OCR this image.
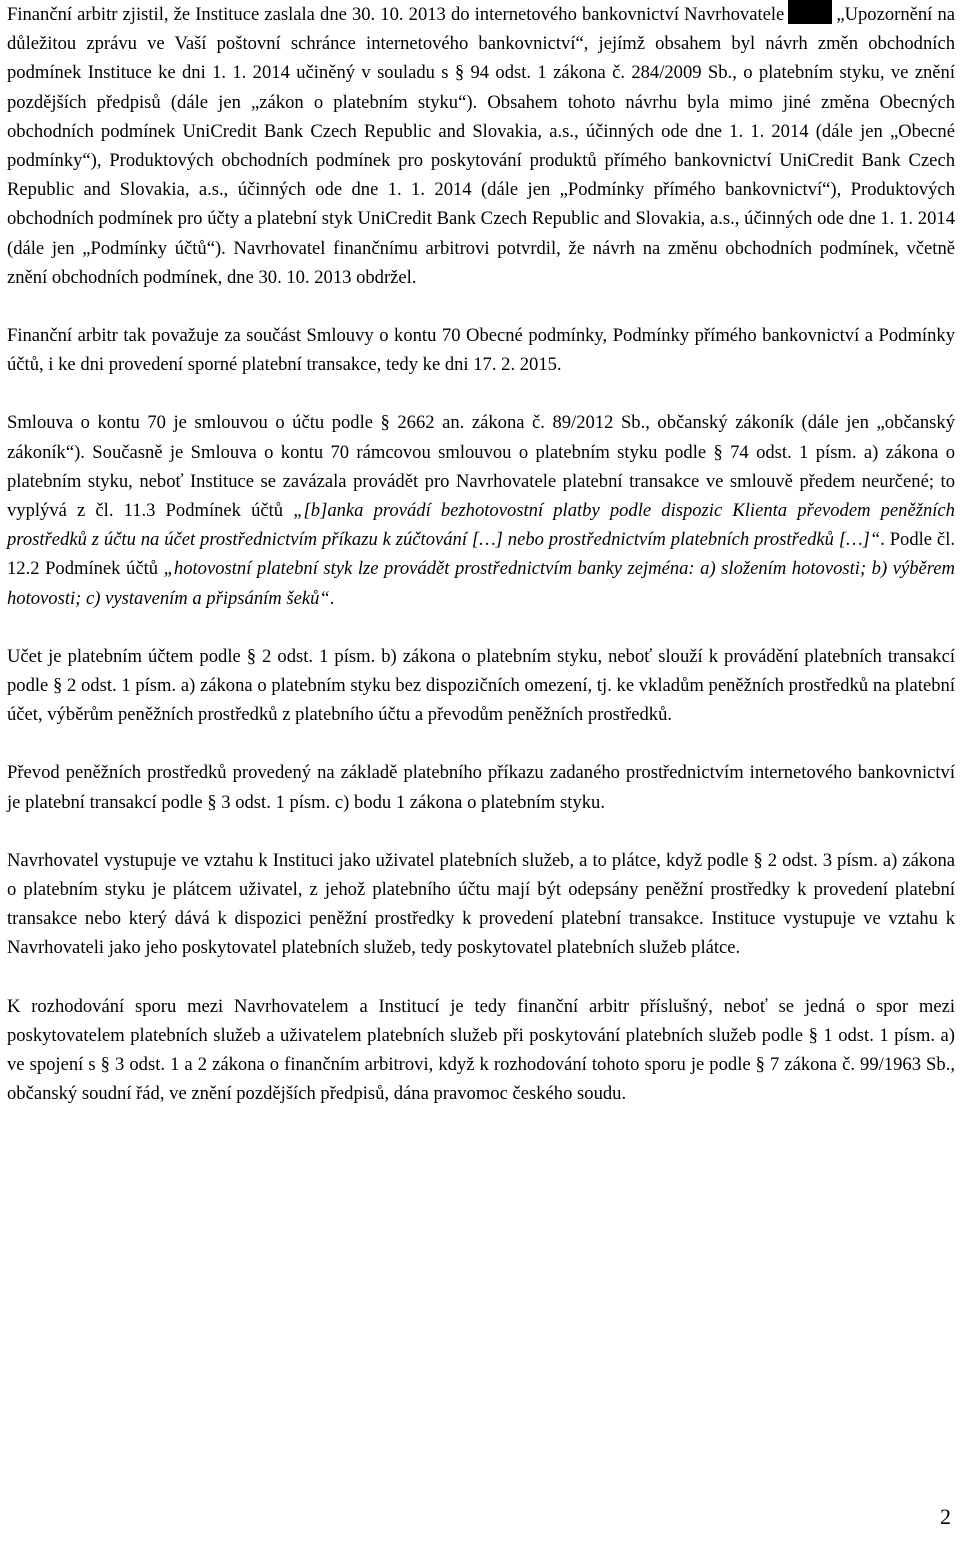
Finanční arbitr zjistil, že Instituce zaslala dne 30. 10. 2013 do internetového bankovnictví Navrhovatele	„Upozornění na důležitou zprávu ve Vaší poštovní schránce internetového bankovnictví“, jejímž obsahem byl návrh změn obchodních podmínek Instituce ke dni 1. 1. 2014 učiněný v souladu s § 94 odst. 1 zákona č. 284/2009 Sb., o platebním styku, ve znění pozdějších předpisů (dále jen „zákon o platebním styku“). Obsahem tohoto návrhu byla mimo jiné změna Obecných obchodních podmínek UniCredit Bank Czech Republic and Slovakia, a.s., účinných ode dne 1. 1. 2014 (dále jen „Obecné podmínky“), Produktových obchodních podmínek pro poskytování produktů přímého bankovnictví UniCredit Bank Czech Republic and Slovakia, a.s., účinných ode dne 1. 1. 2014 (dále jen „Podmínky přímého bankovnictví“), Produktových obchodních podmínek pro účty a platební styk UniCredit Bank Czech Republic and Slovakia, a.s., účinných ode dne 1. 1. 2014 (dále jen „Podmínky účtů“). Navrhovatel finančnímu arbitrovi potvrdil, že návrh na změnu obchodních podmínek, včetně znění obchodních podmínek, dne 30. 10. 2013 obdržel.

Finanční arbitr tak považuje za součást Smlouvy o kontu 70 Obecné podmínky, Podmínky přímého bankovnictví a Podmínky účtů, i ke dni provedení sporné platební transakce, tedy ke dni 17. 2. 2015.

Smlouva o kontu 70 je smlouvou o účtu podle § 2662 an. zákona č. 89/2012 Sb., občanský zákoník (dále jen „občanský zákoník“). Současně je Smlouva o kontu 70 rámcovou smlouvou o platebním styku podle § 74 odst. 1 písm. a) zákona o platebním styku, neboť Instituce se zavázala provádět pro Navrhovatele platební transakce ve smlouvě předem neurčené; to vyplývá z čl. 11.3 Podmínek účtů „[b]anka provádí bezhotovostní platby podle dispozic Klienta převodem peněžních prostředků z účtu na účet prostřednictvím příkazu k zúčtování […] nebo prostřednictvím platebních prostředků […]“. Podle čl. 12.2 Podmínek účtů „hotovostní platební styk lze provádět prostřednictvím banky zejména: a) složením hotovosti; b) výběrem hotovosti; c) vystavením a připsáním šeků“.

Učet je platebním účtem podle § 2 odst. 1 písm. b) zákona o platebním styku, neboť slouží k provádění platebních transakcí podle § 2 odst. 1 písm. a) zákona o platebním styku bez dispozičních omezení, tj. ke vkladům peněžních prostředků na platební účet, výběrům peněžních prostředků z platebního účtu a převodům peněžních prostředků.

Převod peněžních prostředků provedený na základě platebního příkazu zadaného prostřednictvím internetového bankovnictví je platební transakcí podle § 3 odst. 1 písm. c) bodu 1 zákona o platebním styku.

Navrhovatel vystupuje ve vztahu k Instituci jako uživatel platebních služeb, a to plátce, když podle § 2 odst. 3 písm. a) zákona o platebním styku je plátcem uživatel, z jehož platebního účtu mají být odepsány peněžní prostředky k provedení platební transakce nebo který dává k dispozici peněžní prostředky k provedení platební transakce. Instituce vystupuje ve vztahu k Navrhovateli jako jeho poskytovatel platebních služeb, tedy poskytovatel platebních služeb plátce.

K rozhodování sporu mezi Navrhovatelem a Institucí je tedy finanční arbitr příslušný, neboť se jedná o spor mezi poskytovatelem platebních služeb a uživatelem platebních služeb při poskytování platebních služeb podle § 1 odst. 1 písm. a) ve spojení s § 3 odst. 1 a 2 zákona o finančním arbitrovi, když k rozhodování tohoto sporu je podle § 7 zákona č. 99/1963 Sb., občanský soudní řád, ve znění pozdějších předpisů, dána pravomoc českého soudu.

2
